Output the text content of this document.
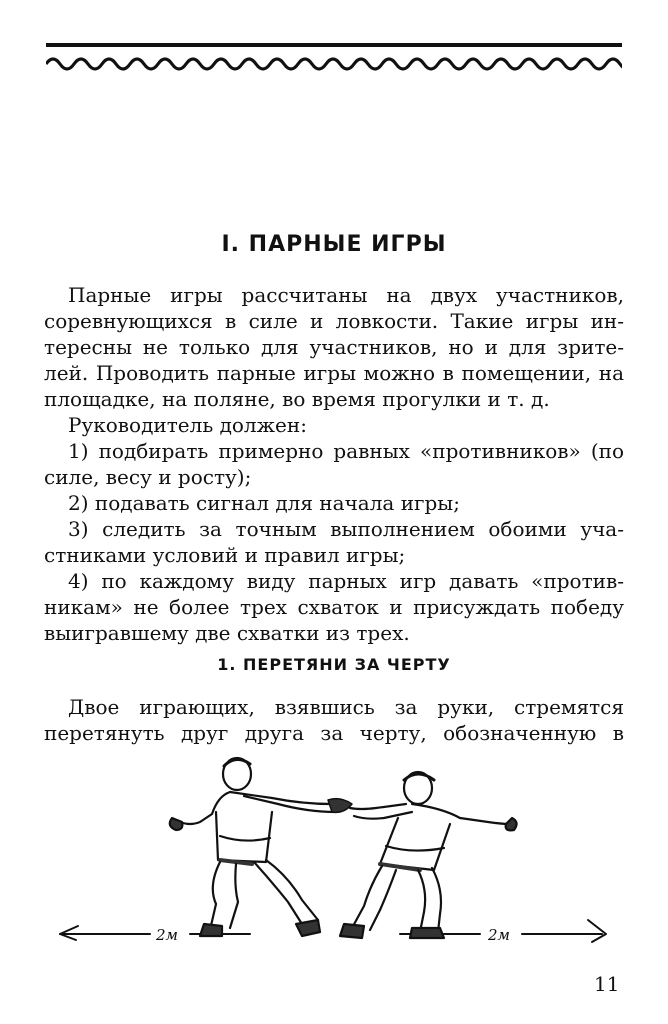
I. ПАРНЫЕ ИГРЫ

Парные игры рассчитаны на двух участников, соревнующихся в силе и ловкости. Такие игры ин- тересны не только для участников, но и для зрите- лей. Проводить парные игры можно в помещении, на площадке, на поляне, во время прогулки и т. д.

Руководитель должен:

1) подбирать примерно равных «противников» (по силе, весу и росту);

2) подавать сигнал для начала игры;

3) следить за точным выполнением обоими уча- стниками условий и правил игры;

4) по каждому виду парных игр давать «против- никам» не более трех схваток и присуждать победу выигравшему две схватки из трех.

1. ПЕРЕТЯНИ ЗА ЧЕРТУ

Двое играющих, взявшись за руки, стремятся перетянуть друг друга за черту, обозначенную в

2м	2м

11
